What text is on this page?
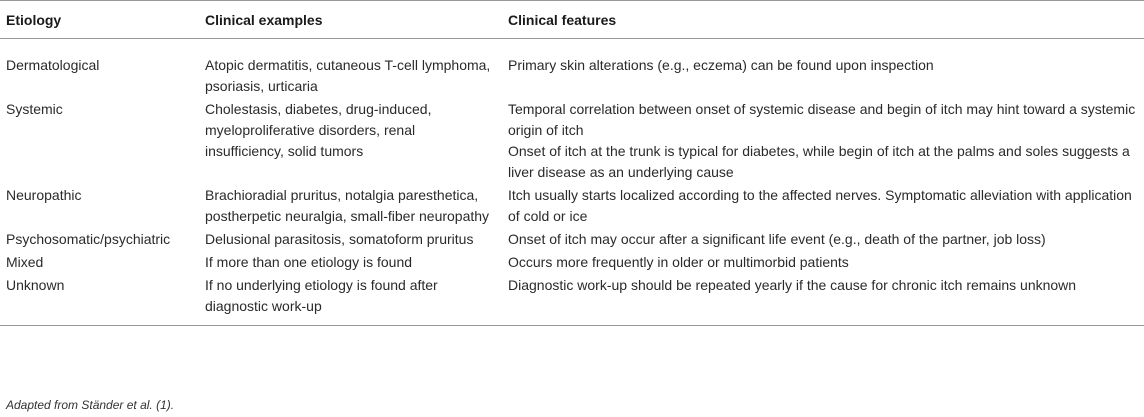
Etiology	Clinical examples	Clinical features
Dermatological	Atopic dermatitis, cutaneous T-cell lymphoma, psoriasis, urticaria	Primary skin alterations (e.g., eczema) can be found upon inspection

Systemic	Cholestasis, diabetes, drug-induced, myeloproliferative disorders, renal insufficiency, solid tumors	Temporal correlation between onset of systemic disease and begin of itch may hint toward a systemic origin of itch
Onset of itch at the trunk is typical for diabetes, while begin of itch at the palms and soles suggests a liver disease as an underlying cause

Neuropathic	Brachioradial pruritus, notalgia paresthetica, postherpetic neuralgia, small-fiber neuropathy	Itch usually starts localized according to the affected nerves. Symptomatic alleviation with application of cold or ice

Psychosomatic/psychiatric	Delusional parasitosis, somatoform pruritus	Onset of itch may occur after a significant life event (e.g., death of the partner, job loss)

Mixed	If more than one etiology is found	Occurs more frequently in older or multimorbid patients

Unknown	If no underlying etiology is found after diagnostic work-up	Diagnostic work-up should be repeated yearly if the cause for chronic itch remains unknown
Adapted from Ständer et al. (1).
